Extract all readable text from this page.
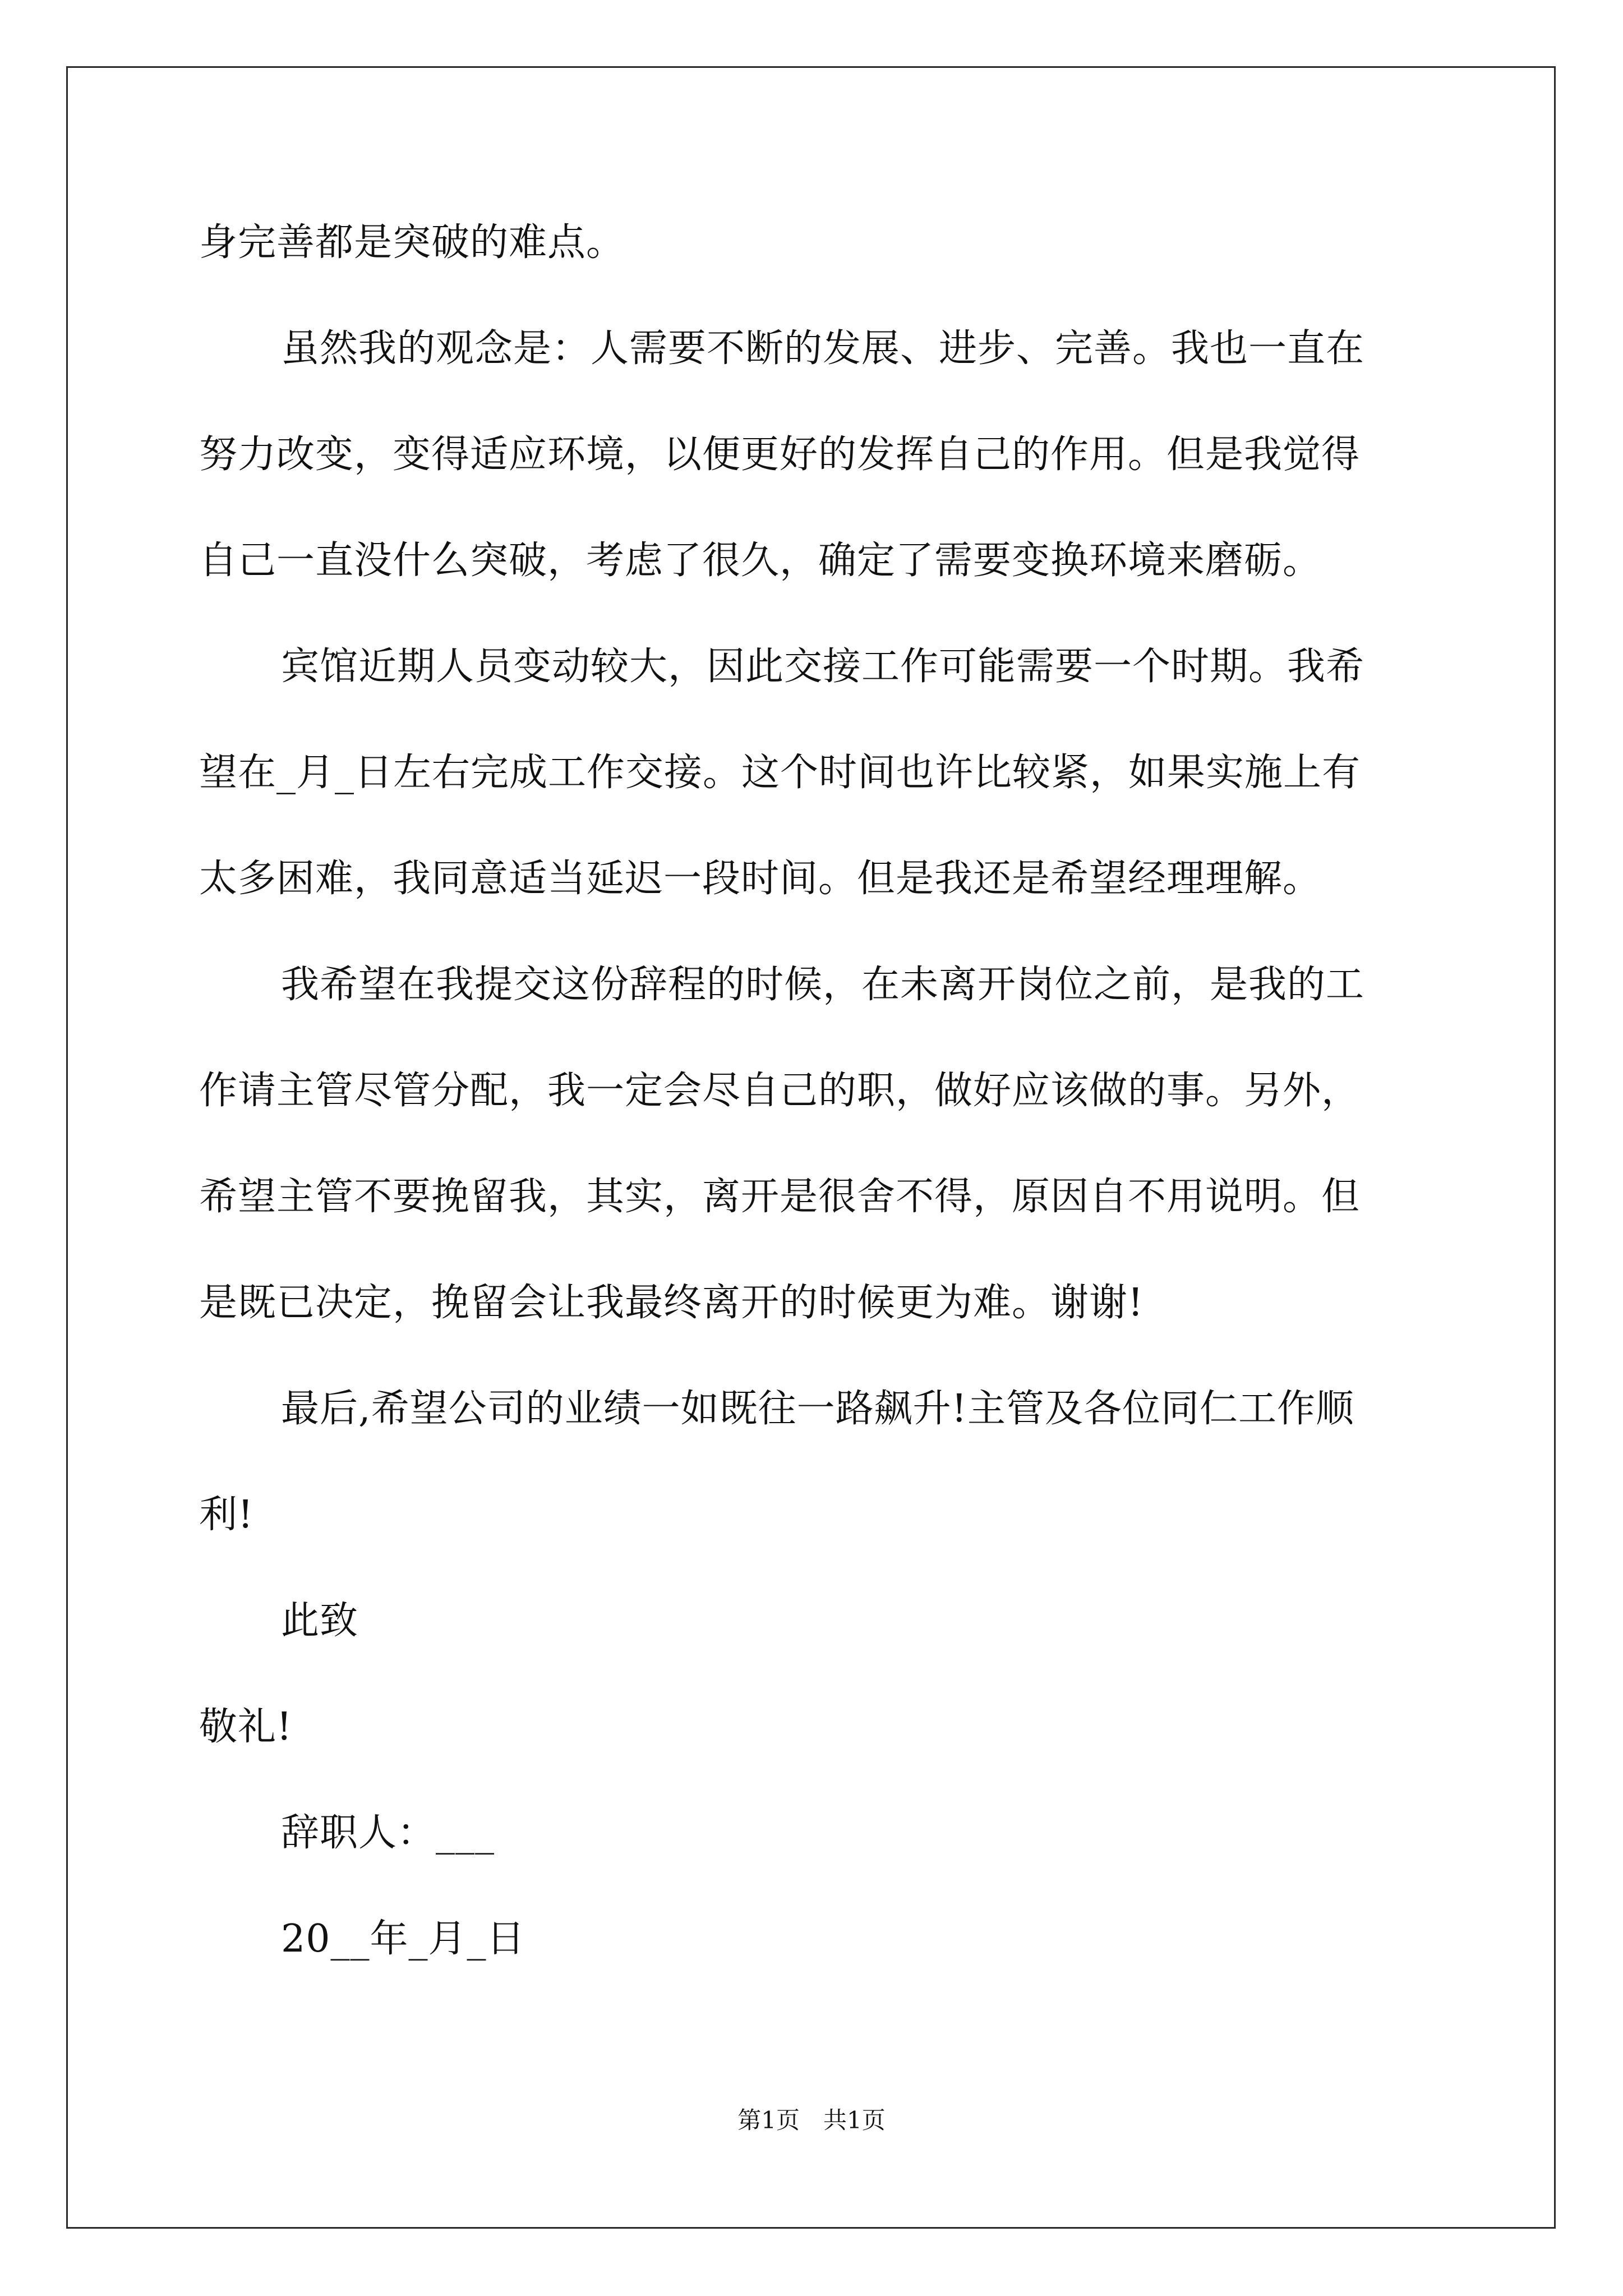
身完善都是突破的难点。
虽然我的观念是：人需要不断的发展、进步、完善。我也一直在
努力改变，变得适应环境，以便更好的发挥自己的作用。但是我觉得
自己一直没什么突破，考虑了很久，确定了需要变换环境来磨砺。
宾馆近期人员变动较大，因此交接工作可能需要一个时期。我希
望在_月_日左右完成工作交接。这个时间也许比较紧，如果实施上有
太多困难，我同意适当延迟一段时间。但是我还是希望经理理解。
我希望在我提交这份辞程的时候，在未离开岗位之前，是我的工
作请主管尽管分配，我一定会尽自己的职，做好应该做的事。另外，
希望主管不要挽留我，其实，离开是很舍不得，原因自不用说明。但
是既已决定，挽留会让我最终离开的时候更为难。谢谢!
最后,希望公司的业绩一如既往一路飙升!主管及各位同仁工作顺
利!
此致
敬礼!
辞职人：___
20__年_月_日
第1页　共1页
